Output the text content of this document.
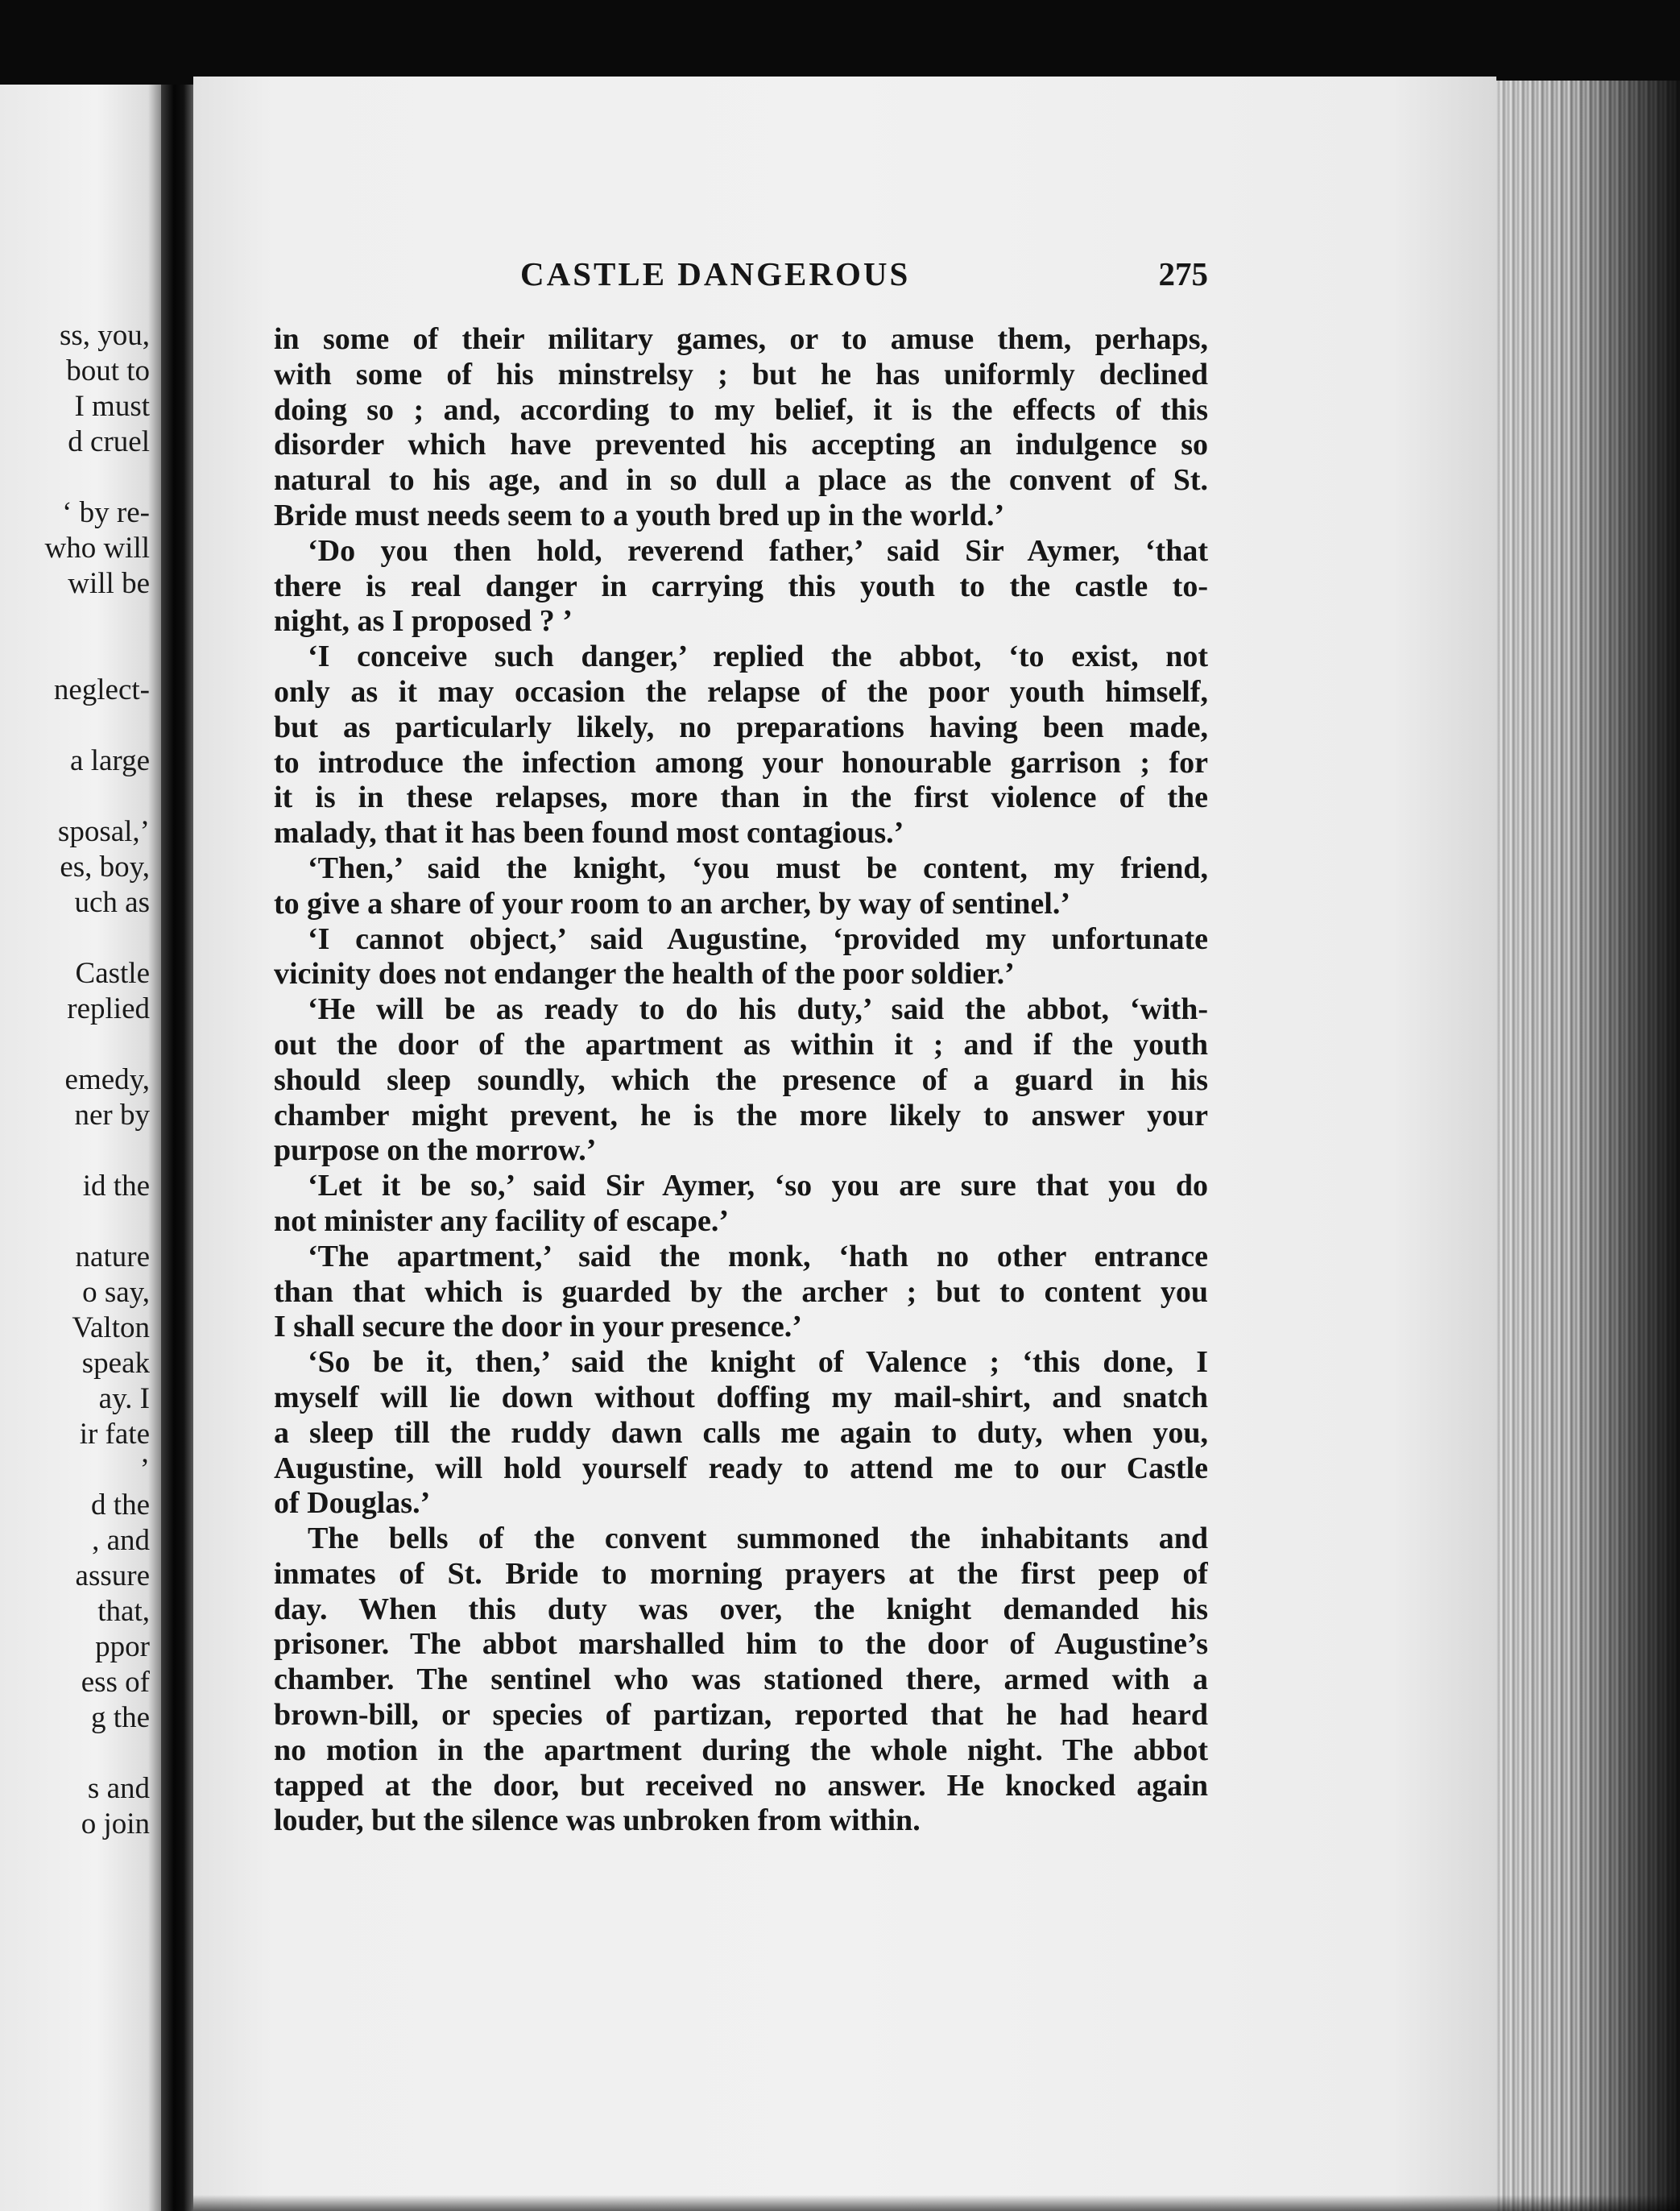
ss, you,
bout to
I must
d cruel
‘ by re-
who will
will be
neglect-
a large
sposal,’
es, boy,
uch as
Castle
replied
emedy,
ner by
id the
nature
o say,
Valton
speak
ay. I
ir fate
’
d the
, and
assure
that,
ppor
ess of
g the
s and
o join
CASTLE DANGEROUS	275
in some of their military games, or to amuse them, perhaps,
with some of his minstrelsy ; but he has uniformly declined
doing so ; and, according to my belief, it is the effects of this
disorder which have prevented his accepting an indulgence so
natural to his age, and in so dull a place as the convent of St.
Bride must needs seem to a youth bred up in the world.’
‘Do you then hold, reverend father,’ said Sir Aymer, ‘that
there is real danger in carrying this youth to the castle to-
night, as I proposed ? ’
‘I conceive such danger,’ replied the abbot, ‘to exist, not
only as it may occasion the relapse of the poor youth himself,
but as particularly likely, no preparations having been made,
to introduce the infection among your honourable garrison ; for
it is in these relapses, more than in the first violence of the
malady, that it has been found most contagious.’
‘Then,’ said the knight, ‘you must be content, my friend,
to give a share of your room to an archer, by way of sentinel.’
‘I cannot object,’ said Augustine, ‘provided my unfortunate
vicinity does not endanger the health of the poor soldier.’
‘He will be as ready to do his duty,’ said the abbot, ‘with-
out the door of the apartment as within it ; and if the youth
should sleep soundly, which the presence of a guard in his
chamber might prevent, he is the more likely to answer your
purpose on the morrow.’
‘Let it be so,’ said Sir Aymer, ‘so you are sure that you do
not minister any facility of escape.’
‘The apartment,’ said the monk, ‘hath no other entrance
than that which is guarded by the archer ; but to content you
I shall secure the door in your presence.’
‘So be it, then,’ said the knight of Valence ; ‘this done, I
myself will lie down without doffing my mail-shirt, and snatch
a sleep till the ruddy dawn calls me again to duty, when you,
Augustine, will hold yourself ready to attend me to our Castle
of Douglas.’
The bells of the convent summoned the inhabitants and
inmates of St. Bride to morning prayers at the first peep of
day. When this duty was over, the knight demanded his
prisoner. The abbot marshalled him to the door of Augustine’s
chamber. The sentinel who was stationed there, armed with a
brown-bill, or species of partizan, reported that he had heard
no motion in the apartment during the whole night. The abbot
tapped at the door, but received no answer. He knocked again
louder, but the silence was unbroken from within.
